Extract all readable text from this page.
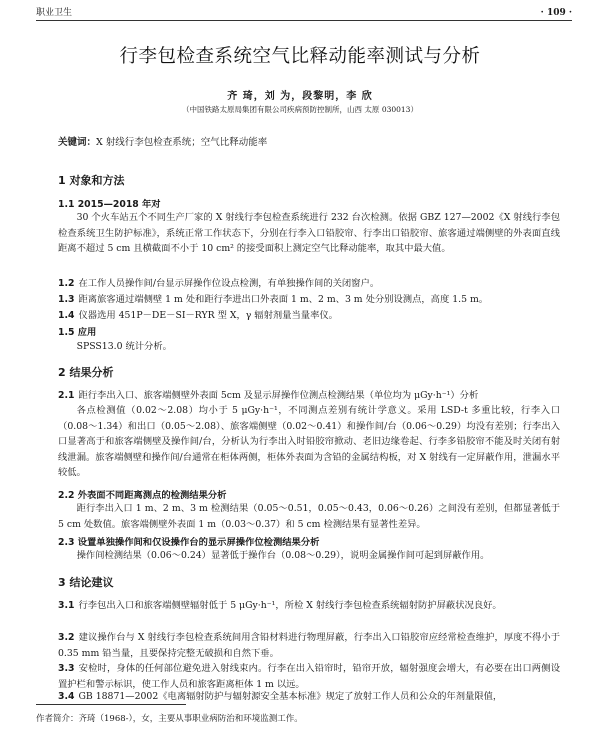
职业卫生	· 109 ·
行李包检查系统空气比释动能率测试与分析
齐 琦，刘 为，段黎明，李 欣
（中国铁路太原局集团有限公司疾病预防控制所，山西 太原 030013）
关键词：X 射线行李包检查系统；空气比释动能率
1 对象和方法
1.1 2015—2018 年对

30 个火车站五个不同生产厂家的 X 射线行李包检查系统进行 232 台次检测。依据 GBZ 127—2002《X 射线行李包检查系统卫生防护标准》，系统正常工作状态下，分别在行李入口铅胶帘、行李出口铅胶帘、旅客通过端侧壁的外表面直线距离不超过 5 cm 且横截面不小于 10 cm² 的接受面积上测定空气比释动能率，取其中最大值。

1.2 在工作人员操作间/台显示屏操作位设点检测，有单独操作间的关闭窗户。
1.3 距离旅客通过端侧壁 1 m 处和距行李进出口外表面 1 m、2 m、3 m 处分别设测点，高度 1.5 m。
1.4 仪器选用 451P－DE－SI－RYR 型 X，γ 辐射剂量当量率仪。
1.5 应用
SPSS13.0 统计分析。
2 结果分析
2.1 距行李出入口、旅客端侧壁外表面 5cm 及显示屏操作位测点检测结果（单位均为 μGy·h⁻¹）分析

各点检测值（0.02～2.08）均小于 5 μGy·h⁻¹，不同测点差别有统计学意义。采用 LSD-t 多重比较，行李入口（0.08～1.34）和出口（0.05～2.08）、旅客端侧壁（0.02～0.41）和操作间/台（0.06～0.29）均没有差别；行李出入口显著高于和旅客端侧壁及操作间/台，分析认为行李出入时铅胶帘掀动、老旧边缘卷起、行李多铅胶帘不能及时关闭有射线泄漏。旅客端侧壁和操作间/台通常在柜体两侧，柜体外表面为含铅的金属结构板，对 X 射线有一定屏蔽作用，泄漏水平较低。

2.2 外表面不同距离测点的检测结果分析

距行李出入口 1 m、2 m、3 m 检测结果（0.05～0.51，0.05～0.43，0.06～0.26）之间没有差别，但都显著低于 5 cm 处数值。旅客端侧壁外表面 1 m（0.03～0.37）和 5 cm 检测结果有显著性差异。

2.3 设置单独操作间和仅设操作台的显示屏操作位检测结果分析

操作间检测结果（0.06～0.24）显著低于操作台（0.08～0.29），说明金属操作间可起到屏蔽作用。

3 结论建议

3.1 行李包出入口和旅客端侧壁辐射低于 5 μGy·h⁻¹，所检 X 射线行李包检查系统辐射防护屏蔽状况良好。

3.2 建议操作台与 X 射线行李包检查系统间用含铅材料进行物理屏蔽，行李出入口铅胶帘应经常检查维护，厚度不得小于 0.35 mm 铅当量，且要保持完整无破损和自然下垂。

3.3 安检时，身体的任何部位避免进入射线束内。行李在出入铅帘时，铅帘开放，辐射强度会增大，有必要在出口两侧设置护栏和警示标识，使工作人员和旅客距离柜体 1 m 以远。

3.4 GB 18871—2002《电离辐射防护与辐射源安全基本标准》规定了放射工作人员和公众的年剂量限值，
作者简介：齐琦（1968-），女，主要从事职业病防治和环境监测工作。
